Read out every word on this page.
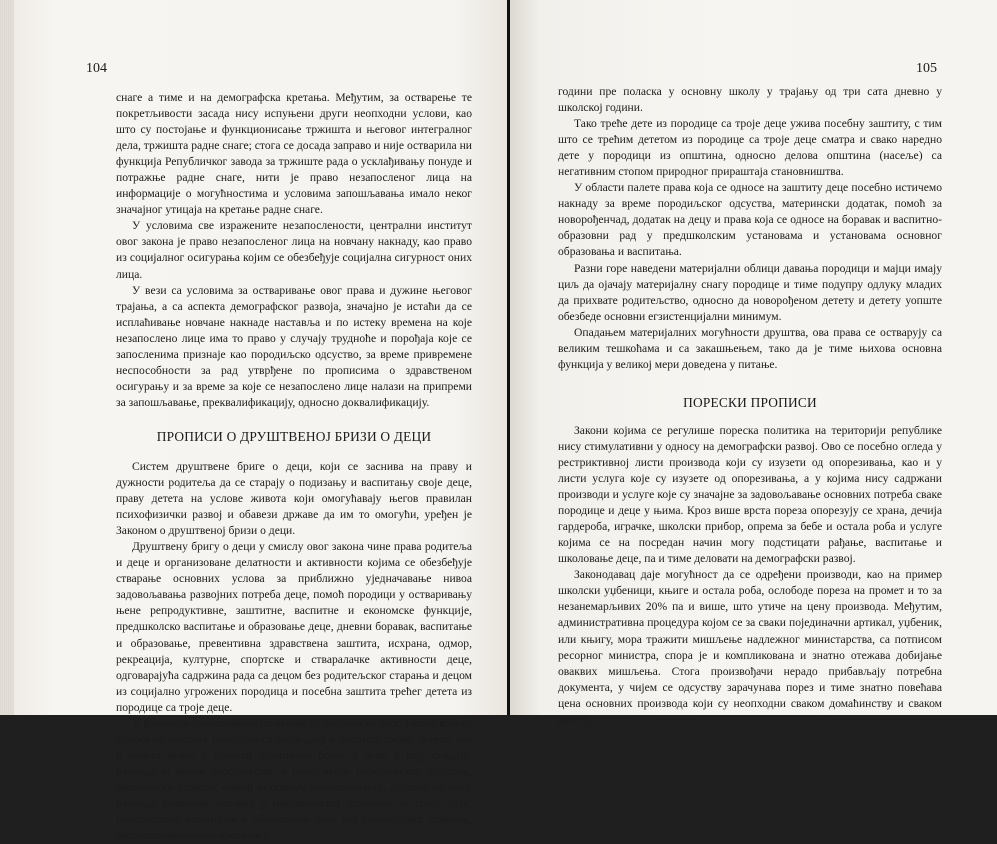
104

снаге а тиме и на демографска кретања. Међутим, за остварење те покретљивости засада нису испуњени други неопходни услови, као што су постојање и функционисање тржишта и његовог интегралног дела, тржишта радне снаге; стога се досада заправо и није остварила ни функција Републичког завода за тржиште рада о усклађивању понуде и потражње радне снаге, нити је право незапосленог лица на информације о могућностима и условима запошљавања имало неког значајног утицаја на кретање радне снаге.

У условима све изражените незапослености, централни институт овог закона је право незапосленог лица на новчану накнаду, као право из социјалног осигурања којим се обезбеђује социјална сигурност оних лица.

У вези са условима за остваривање овог права и дужине његовог трајања, а са аспекта демографског развоја, значајно је истаћи да се исплаћивање новчане накнаде наставља и по истеку времена на које незапослено лице има то право у случају трудноће и порођаја које се запосленима признаје као породиљско одсуство, за време привремене неспособности за рад утврђене по прописима о здравственом осигурању и за време за које се незапослено лице налази на припреми за запошљавање, преквалификацију, односно доквалификацију.

ПРОПИСИ О ДРУШТВЕНОЈ БРИЗИ О ДЕЦИ

Систем друштвене бриге о деци, који се заснива на праву и дужности родитеља да се старају о подизању и васпитању своје деце, праву детета на услове живота који омогућавају његов правилан психофизички развој и обавези државе да им то омогући, уређен је Законом о друштвеној бризи о деци.

Друштвену бригу о деци у смислу овог закона чине права родитеља и деце и организоване делатности и активности којима се обезбеђује стварање основних услова за приближно уједначавање нивоа задовољавања развојних потреба деце, помоћ породици у остваривању њене репродуктивне, заштитне, васпитне и економске функције, предшколско васпитање и образовање деце, дневни боравак, васпитање и образовање, превентивна здравствена заштита, исхрана, одмор, рекреација, културне, спортске и стваралачке активности деце, одговарајућа садржина рада са децом без родитељског старања и децом из социјално угрожених породица и посебна заштита трећег детета из породице са троје деце.

У функцији популационе политике су решења из овог закона која се односе на заштиту породица са троје деце и заштита трећег детета, као и палета права у области друштвене бриге о деци у коју спадају: накнада за време породиљског и продуженог породиљског одсуства, матерински додатак, помоћ за опрему новорођенчета, додатак на децу, накнада трошкова боравка у предшколској установи за треће дете, предшколско васпитање и образовање деце без родитељског старања, васпитно-образовни програм у

105

години пре поласка у основну школу у трајању од три сата дневно у школској години.

Тако треће дете из породице са троје деце ужива посебну заштиту, с тим што се трећим дететом из породице са троје деце сматра и свако наредно дете у породици из општина, односно делова општина (насеље) са негативним стопом природног прираштаја становништва.

У области палете права која се односе на заштиту деце посебно истичемо накнаду за време породиљског одсуства, матерински додатак, помоћ за новорођенчад, додатак на децу и права која се односе на боравак и васпитно-образовни рад у предшколским установама и установама основног образовања и васпитања.

Разни горе наведени материјални облици давања породици и мајци имају циљ да ојачају материјалну снагу породице и тиме подупру одлуку младих да прихвате родитељство, односно да новорођеном детету и детету уопште обезбеде основни егзистенцијални минимум.

Опадањем материјалних могућности друштва, ова права се остварују са великим тешкоћама и са закашњењем, тако да је тиме њихова основна функција у великој мери доведена у питање.

ПОРЕСКИ ПРОПИСИ

Закони којима се регулише пореска политика на територији републике нису стимулативни у односу на демографски развој. Ово се посебно огледа у рестриктивној листи производа који су изузети од опорезивања, као и у листи услуга које су изузете од опорезивања, а у којима нису садржани производи и услуге које су значајне за задовољавање основних потреба сваке породице и деце у њима. Кроз више врста пореза опорезују се храна, дечија гардероба, играчке, школски прибор, опрема за бебе и остала роба и услуге којима се на посредан начин могу подстицати рађање, васпитање и школовање деце, па и тиме деловати на демографски развој.

Законодавац даје могућност да се одређени производи, као на пример школски уџбеници, књиге и остала роба, ослободе пореза на промет и то за незанемарљивих 20% па и више, што утиче на цену производа. Међутим, административна процедура којом се за сваки појединачни артикал, уџбеник, или књигу, мора тражити мишљење надлежног министарства, са потписом ресорног министра, спора је и компликована и знатно отежава добијање оваквих мишљења. Стога произвођачи нерадо прибављају потребна документа, у чијем се одсуству зарачунава порез и тиме знатно повећава цена основних производа који су неопходни сваком домаћинству и сваком детету.
